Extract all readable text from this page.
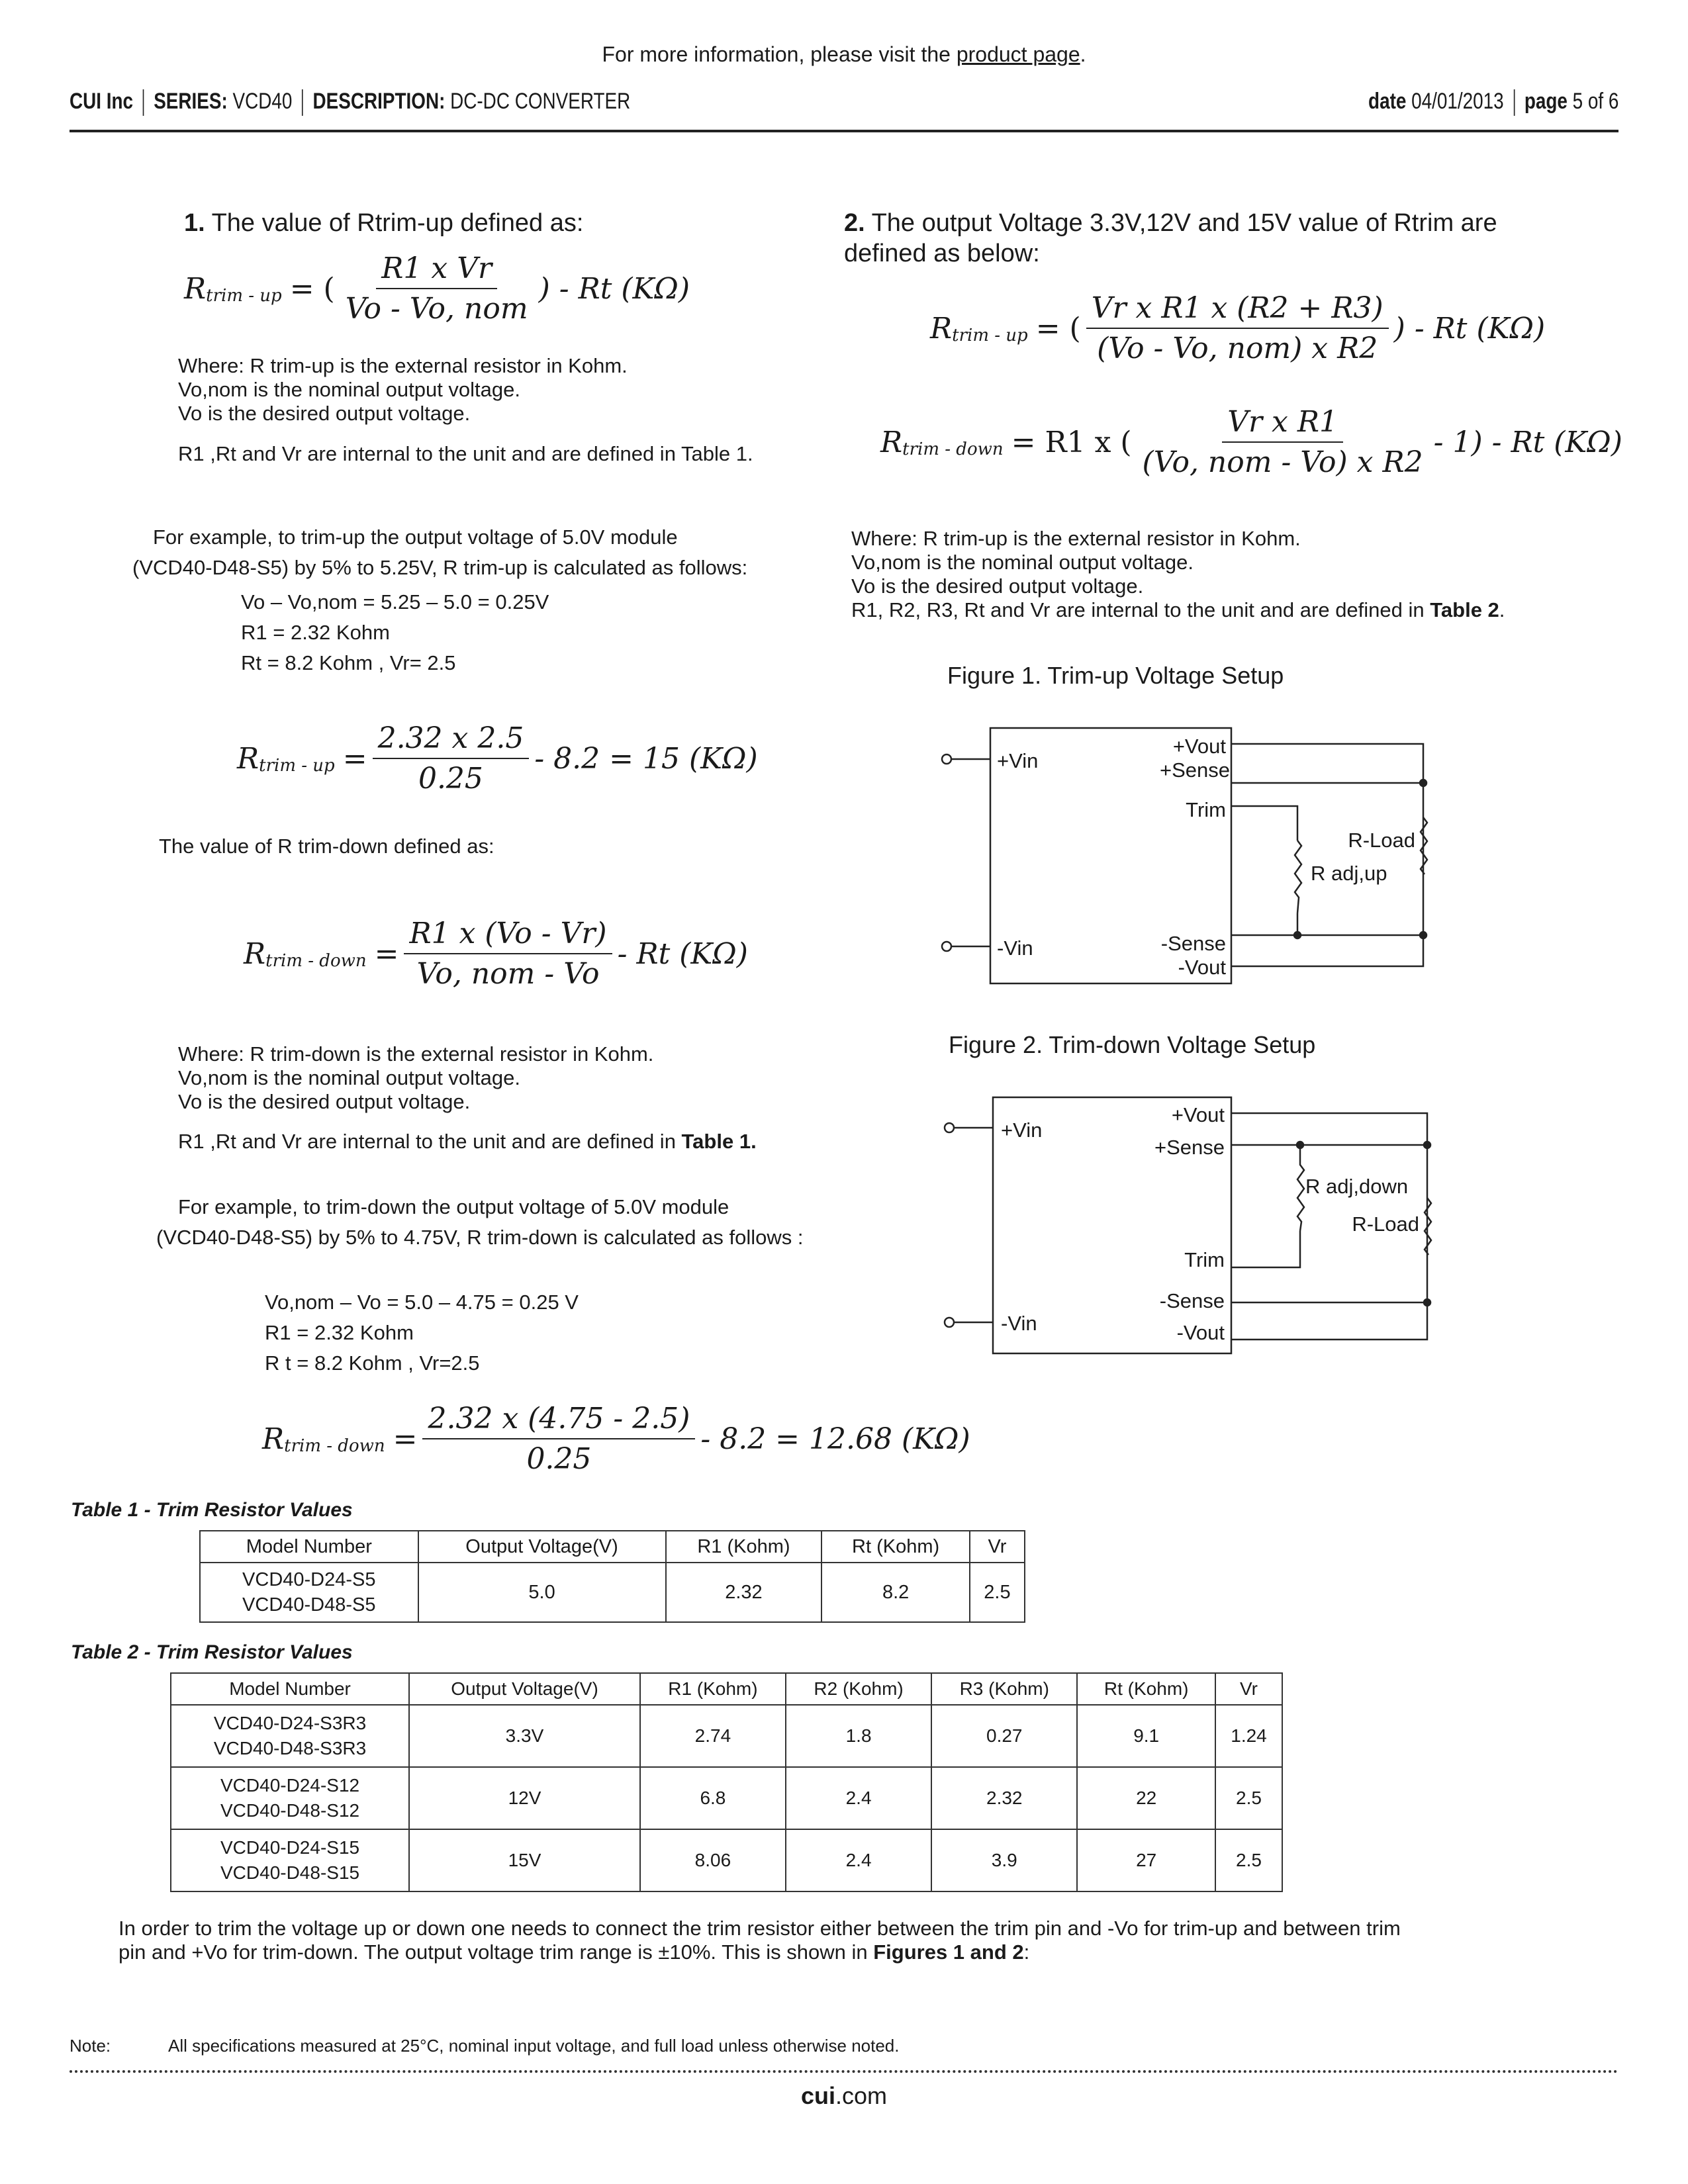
For more information, please visit the product page.
CUI Inc SERIES: VCD40 DESCRIPTION: DC-DC CONVERTER	date 04/01/2013 page 5 of 6
1. The value of Rtrim-up defined as:
Where: R trim-up is the external resistor in Kohm.
Vo,nom is the nominal output voltage.
Vo is the desired output voltage.
R1 ,Rt and Vr are internal to the unit and are defined in Table 1.
For example, to trim-up the output voltage of 5.0V module
(VCD40-D48-S5) by 5% to 5.25V, R trim-up is calculated as follows:
Vo – Vo,nom = 5.25 – 5.0 = 0.25V
R1 = 2.32 Kohm
Rt = 8.2 Kohm , Vr= 2.5
The value of R trim-down defined as:
Where: R trim-down is the external resistor in Kohm.
Vo,nom is the nominal output voltage.
Vo is the desired output voltage.
R1 ,Rt and Vr are internal to the unit and are defined in Table 1.
For example, to trim-down the output voltage of 5.0V module
(VCD40-D48-S5) by 5% to 4.75V, R trim-down is calculated as follows :
Vo,nom – Vo = 5.0 – 4.75 = 0.25 V
R1 = 2.32 Kohm
R t = 8.2 Kohm , Vr=2.5
2. The output Voltage 3.3V,12V and 15V value of Rtrim are
defined as below:
Where: R trim-up is the external resistor in Kohm.
Vo,nom is the nominal output voltage.
Vo is the desired output voltage.
R1, R2, R3, Rt and Vr are internal to the unit and are defined in Table 2.
Rtrim - up = ( $\frac{\text{R1 x Vr}}{\text{Vo - Vo, nom}}$ ) - Rt (KΩ)
Rtrim - up = ( $\frac{\text{Vr x R1 x (R2 + R3)}}{\text{(Vo - Vo, nom) x R2}}$ ) - Rt (KΩ)
Rtrim - down = R1 x ( $\frac{\text{Vr x R1}}{\text{(Vo, nom - Vo) x R2}} - 1$) - Rt (KΩ)
Rtrim - up = $\frac{2.32 x 2.5}{0.25} - 8.2 = 15$ (KΩ)
Rtrim - down = $\frac{R1 x (Vo - Vr)}{\text{Vo, nom - Vo}}$ - Rt (KΩ)
Rtrim - down = $\frac{2.32 x (4.75 - 2.5)}{0.25} - 8.2 = 12.68$ (KΩ)
Figure 1. Trim-up Voltage Setup
+Vin
-Vin
+Vout
+Sense
Trim
-Sense
-Vout
R-Load
R adj,up
Figure 2. Trim-down Voltage Setup
+Vin
-Vin
+Vout
+Sense
Trim
-Sense
-Vout
R adj,down
R-Load
Table 1 - Trim Resistor Values
Model Number	Output Voltage(V)	R1 (Kohm)	Rt (Kohm)	Vr
VCD40-D24-S5
VCD40-D48-S5	5.0	2.32	8.2	2.5
Table 2 - Trim Resistor Values
Model Number	Output Voltage(V)	R1 (Kohm)	R2 (Kohm)	R3 (Kohm)	Rt (Kohm)	Vr
VCD40-D24-S3R3
VCD40-D48-S3R3	3.3V	2.74	1.8	0.27	9.1	1.24
VCD40-D24-S12
VCD40-D48-S12	12V	6.8	2.4	2.32	22	2.5
VCD40-D24-S15
VCD40-D48-S15	15V	8.06	2.4	3.9	27	2.5
In order to trim the voltage up or down one needs to connect the trim resistor either between the trim pin and -Vo for trim-up and between trim
pin and +Vo for trim-down. The output voltage trim range is ±10%. This is shown in Figures 1 and 2:
Note:	All specifications measured at 25°C, nominal input voltage, and full load unless otherwise noted.
cui.com
